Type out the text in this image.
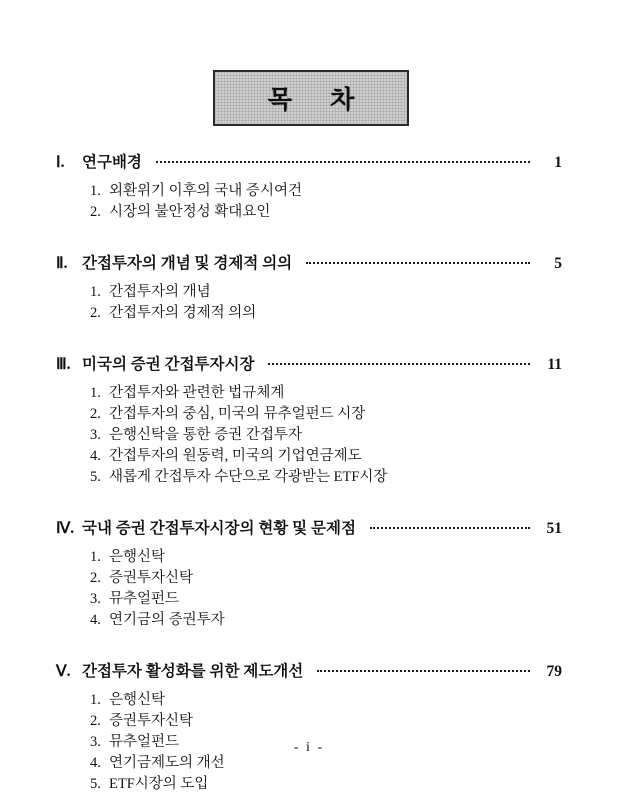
목 차
Ⅰ.	연구배경	1
1. 외환위기 이후의 국내 증시여건
2. 시장의 불안정성 확대요인
Ⅱ. 간접투자의 개념 및 경제적 의의	5
1. 간접투자의 개념
2. 간접투자의 경제적 의의
Ⅲ. 미국의 증권 간접투자시장	11
1. 간접투자와 관련한 법규체계
2. 간접투자의 중심, 미국의 뮤추얼펀드 시장
3. 은행신탁을 통한 증권 간접투자
4. 간접투자의 원동력, 미국의 기업연금제도
5. 새롭게 간접투자 수단으로 각광받는 ETF시장
Ⅳ. 국내 증권 간접투자시장의 현황 및 문제점	51
1. 은행신탁
2. 증권투자신탁
3. 뮤추얼펀드
4. 연기금의 증권투자
Ⅴ. 간접투자 활성화를 위한 제도개선	79
1. 은행신탁
2. 증권투자신탁
3. 뮤추얼펀드
4. 연기금제도의 개선
5. ETF시장의 도입
- i -
